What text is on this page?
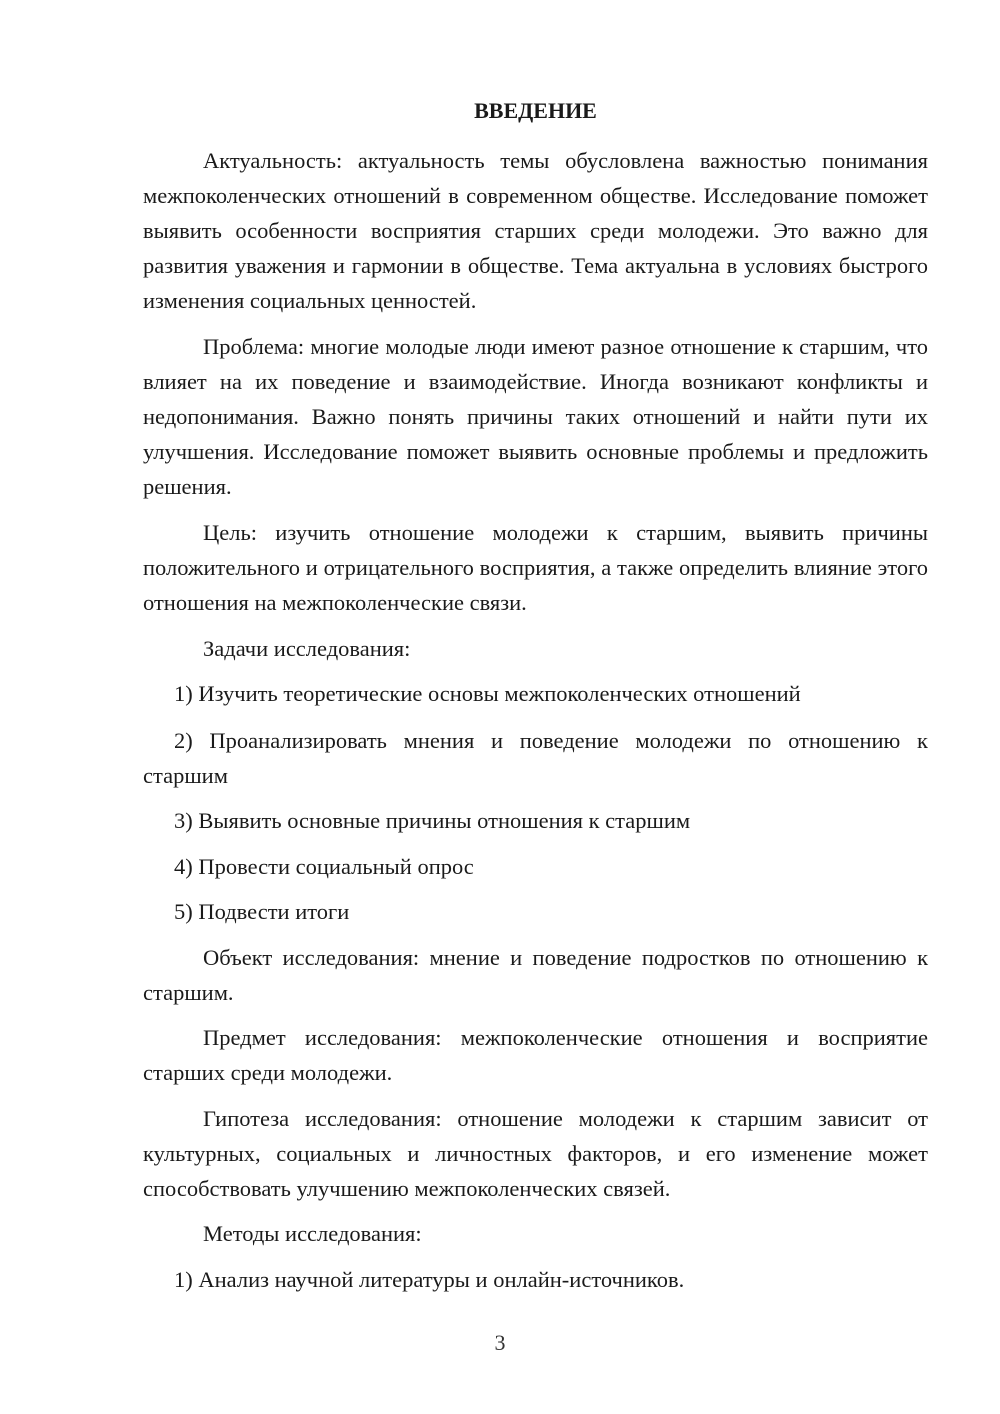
ВВЕДЕНИЕ

Актуальность: актуальность темы обусловлена важностью понимания межпоколенческих отношений в современном обществе. Исследование поможет выявить особенности восприятия старших среди молодежи. Это важно для развития уважения и гармонии в обществе. Тема актуальна в условиях быстрого изменения социальных ценностей.

Проблема: многие молодые люди имеют разное отношение к старшим, что влияет на их поведение и взаимодействие. Иногда возникают конфликты и недопонимания. Важно понять причины таких отношений и найти пути их улучшения. Исследование поможет выявить основные проблемы и предложить решения.

Цель: изучить отношение молодежи к старшим, выявить причины положительного и отрицательного восприятия, а также определить влияние этого отношения на межпоколенческие связи.

Задачи исследования:

1) Изучить теоретические основы межпоколенческих отношений

2) Проанализировать мнения и поведение молодежи по отношению к старшим

3) Выявить основные причины отношения к старшим

4) Провести социальный опрос

5) Подвести итоги

Объект исследования: мнение и поведение подростков по отношению к старшим.

Предмет исследования: межпоколенческие отношения и восприятие старших среди молодежи.

Гипотеза исследования: отношение молодежи к старшим зависит от культурных, социальных и личностных факторов, и его изменение может способствовать улучшению межпоколенческих связей.

Методы исследования:

1) Анализ научной литературы и онлайн-источников.

3
